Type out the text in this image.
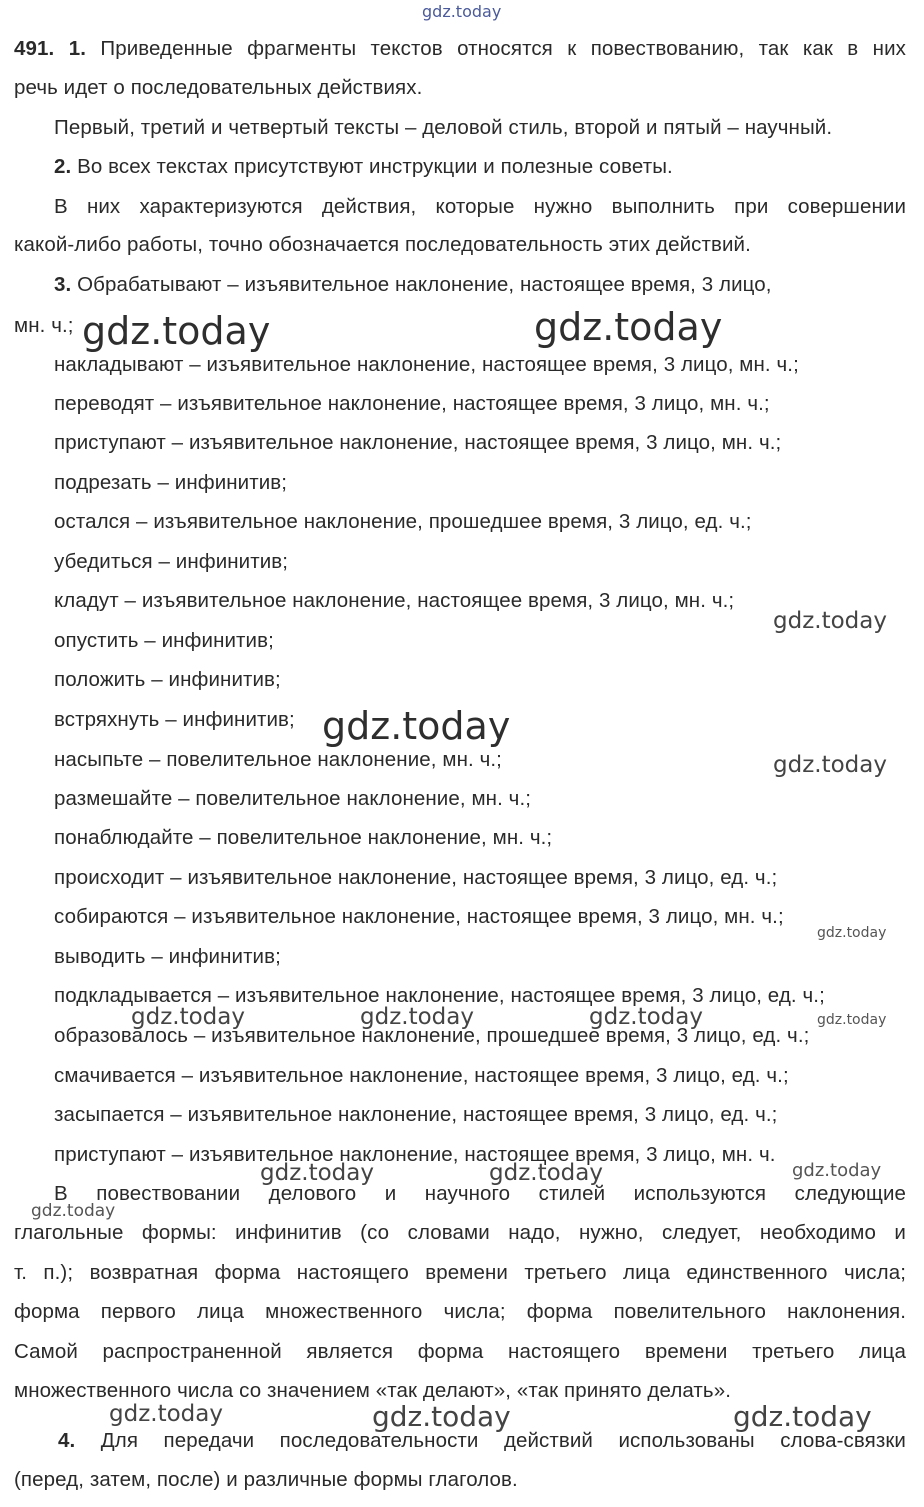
gdz.today
491. 1. Приведенные фрагменты текстов относятся к повествованию, так как в них
речь идет о последовательных действиях.
Первый, третий и четвертый тексты – деловой стиль, второй и пятый – научный.
2. Во всех текстах присутствуют инструкции и полезные советы.
В них характеризуются действия, которые нужно выполнить при совершении
какой-либо работы, точно обозначается последовательность этих действий.
3. Обрабатывают – изъявительное наклонение, настоящее время, 3 лицо,
мн. ч.;
накладывают – изъявительное наклонение, настоящее время, 3 лицо, мн. ч.;
переводят – изъявительное наклонение, настоящее время, 3 лицо, мн. ч.;
приступают – изъявительное наклонение, настоящее время, 3 лицо, мн. ч.;
подрезать – инфинитив;
остался – изъявительное наклонение, прошедшее время, 3 лицо, ед. ч.;
убедиться – инфинитив;
кладут – изъявительное наклонение, настоящее время, 3 лицо, мн. ч.;
опустить – инфинитив;
положить – инфинитив;
встряхнуть – инфинитив;
насыпьте – повелительное наклонение, мн. ч.;
размешайте – повелительное наклонение, мн. ч.;
понаблюдайте – повелительное наклонение, мн. ч.;
происходит – изъявительное наклонение, настоящее время, 3 лицо, ед. ч.;
собираются – изъявительное наклонение, настоящее время, 3 лицо, мн. ч.;
выводить – инфинитив;
подкладывается – изъявительное наклонение, настоящее время, 3 лицо, ед. ч.;
образовалось – изъявительное наклонение, прошедшее время, 3 лицо, ед. ч.;
смачивается – изъявительное наклонение, настоящее время, 3 лицо, ед. ч.;
засыпается – изъявительное наклонение, настоящее время, 3 лицо, ед. ч.;
приступают – изъявительное наклонение, настоящее время, 3 лицо, мн. ч.
В повествовании делового и научного стилей используются следующие
глагольные формы: инфинитив (со словами надо, нужно, следует, необходимо и
т. п.); возвратная форма настоящего времени третьего лица единственного числа;
форма первого лица множественного числа; форма повелительного наклонения.
Самой распространенной является форма настоящего времени третьего лица
множественного числа со значением «так делают», «так принято делать».
4. Для передачи последовательности действий использованы слова-связки
(перед, затем, после) и различные формы глаголов.
gdz.today	gdz.today
gdz.today
gdz.today
gdz.today
gdz.today
gdz.today	gdz.today	gdz.today	gdz.today
gdz.today	gdz.today	gdz.today
gdz.today
gdz.today	gdz.today	gdz.today
